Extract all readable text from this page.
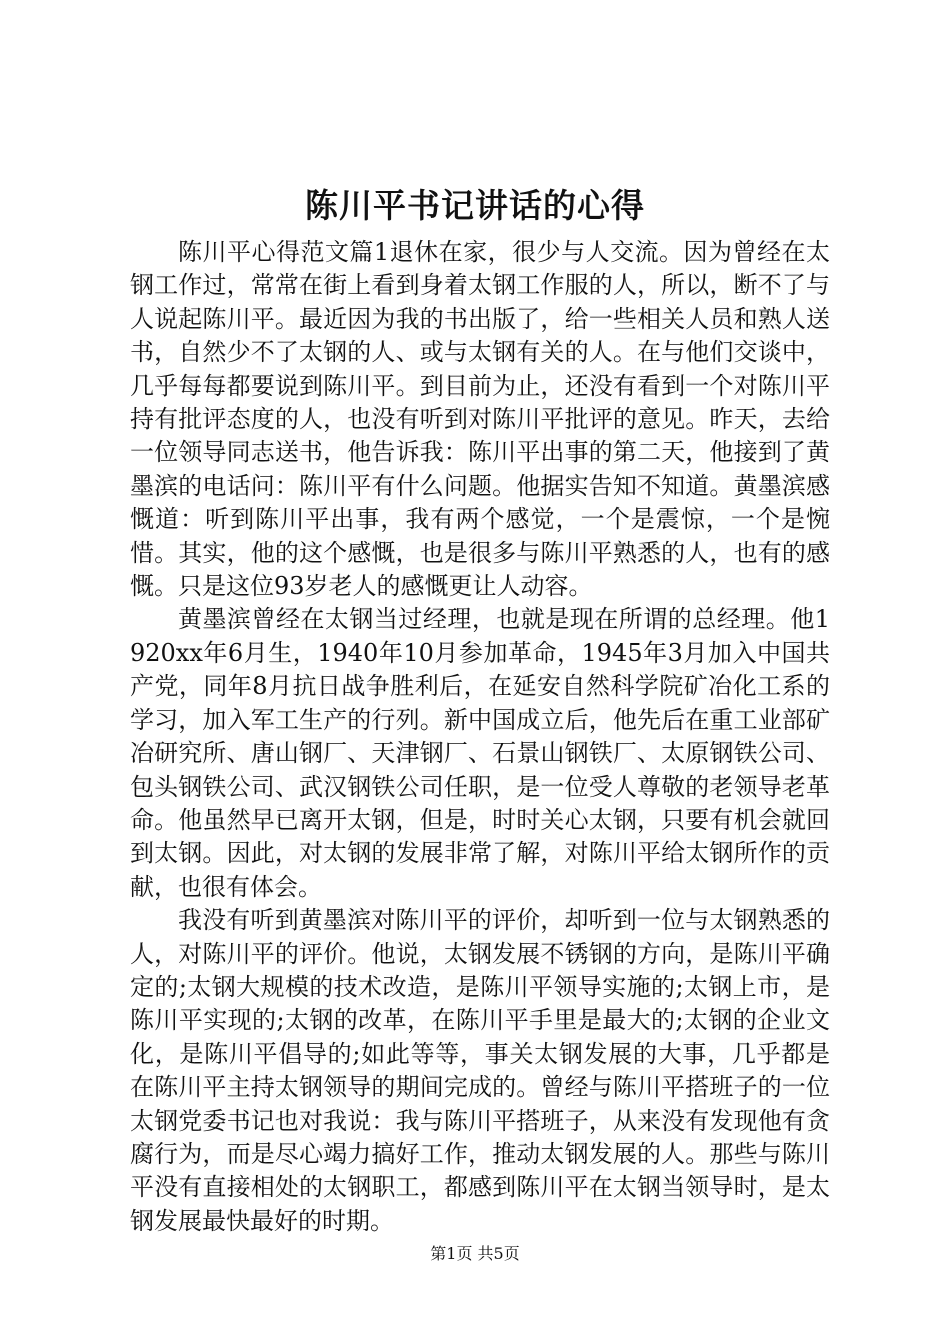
陈川平书记讲话的心得

陈川平心得范文篇1退休在家，很少与人交流。因为曾经在太钢工作过，常常在街上看到身着太钢工作服的人，所以，断不了与人说起陈川平。最近因为我的书出版了，给一些相关人员和熟人送书，自然少不了太钢的人、或与太钢有关的人。在与他们交谈中，几乎每每都要说到陈川平。到目前为止，还没有看到一个对陈川平持有批评态度的人，也没有听到对陈川平批评的意见。昨天，去给一位领导同志送书，他告诉我：陈川平出事的第二天，他接到了黄墨滨的电话问：陈川平有什么问题。他据实告知不知道。黄墨滨感慨道：听到陈川平出事，我有两个感觉，一个是震惊，一个是惋惜。其实，他的这个感慨，也是很多与陈川平熟悉的人，也有的感慨。只是这位93岁老人的感慨更让人动容。

黄墨滨曾经在太钢当过经理，也就是现在所谓的总经理。他1920xx年6月生，1940年10月参加革命，1945年3月加入中国共产党，同年8月抗日战争胜利后，在延安自然科学院矿冶化工系的学习，加入军工生产的行列。新中国成立后，他先后在重工业部矿冶研究所、唐山钢厂、天津钢厂、石景山钢铁厂、太原钢铁公司、包头钢铁公司、武汉钢铁公司任职，是一位受人尊敬的老领导老革命。他虽然早已离开太钢，但是，时时关心太钢，只要有机会就回到太钢。因此，对太钢的发展非常了解，对陈川平给太钢所作的贡献，也很有体会。

我没有听到黄墨滨对陈川平的评价，却听到一位与太钢熟悉的人，对陈川平的评价。他说，太钢发展不锈钢的方向，是陈川平确定的;太钢大规模的技术改造，是陈川平领导实施的;太钢上市，是陈川平实现的;太钢的改革，在陈川平手里是最大的;太钢的企业文化，是陈川平倡导的;如此等等，事关太钢发展的大事，几乎都是在陈川平主持太钢领导的期间完成的。曾经与陈川平搭班子的一位太钢党委书记也对我说：我与陈川平搭班子，从来没有发现他有贪腐行为，而是尽心竭力搞好工作，推动太钢发展的人。那些与陈川平没有直接相处的太钢职工，都感到陈川平在太钢当领导时，是太钢发展最快最好的时期。

第1页 共5页
